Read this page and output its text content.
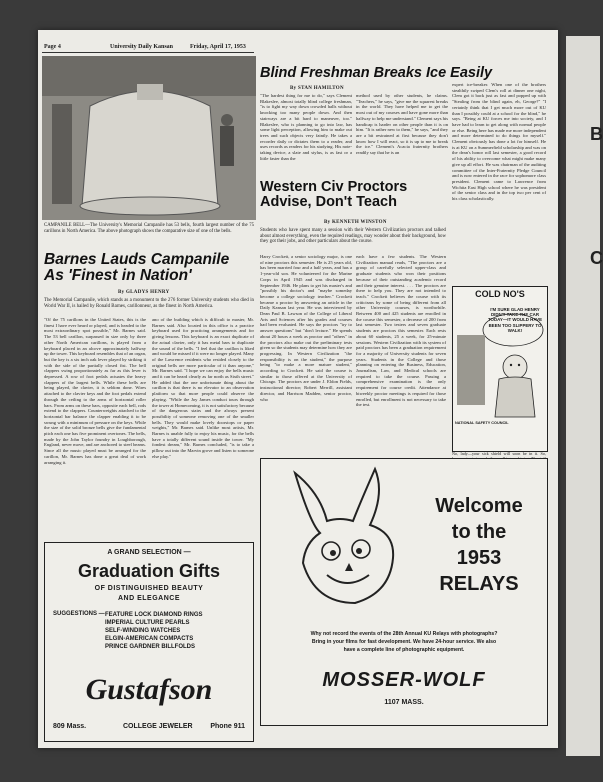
B
C
Page 4	University Daily Kansan	Friday, April 17, 1953
CAMPANILE BELL—The University's Memorial Campanile has 53 bells, fourth largest number of the 75 carillons in North America. The above photograph shows the comparative size of one of the bells.
Barnes Lauds Campanile
As 'Finest in Nation'
By GLADYS HENRY
The Memorial Campanile, which stands as a monument to the 276 former University students who died in World War II, is hailed by Ronald Barnes, carillonneur, as the finest in North America.
"Of the 75 carillons in the United States, this is the finest I have ever heard or played, and is headed to the most extraordinary spot possible," Mr. Barnes said. The 53 bell carillon, surpassed in size only by three other North American carillons, is played from a keyboard placed in an alcove approximately halfway up the tower. This keyboard resembles that of an organ, but the key is a six inch oak lever played by striking it with the side of the partially closed fist. The bell clappers swing proportionately as far as this lever is depressed. A row of foot pedals actuates the heavy clappers of the largest bells. While these bells are being played, the clavier, it is seldom done. Wires attached to the clavier keys and the foot pedals extend through the ceiling to the arms of horizontal roller bars. From arms on these bars, opposite each bell, rods extend to the clappers. Counterweights attached to the horizontal bar balance the clapper enabling it to be swung with a minimum of pressure on the keys. While the size of the solid bronze bells give the fundamental pitch each one has five prominent overtones. The bells, made by the John Taylor foundry in Loughborough, England, never move, and are anchored to steel beams. Since all the music played must be arranged for the carillon, Mr. Barnes has done a great deal of work arranging it.
ano of the building which is difficult to master, Mr. Barnes said. Also located in this office is a practice keyboard used for practicing arrangements and for giving lessons. This keyboard is an exact duplicate of the actual clavier, only it has metal bars to duplicate the sound of the bells. "I feel that the carillon is liked and would be missed if it were no longer played. Many of the Lawrence residents who resided closely to the original bells are more particular of it than anyone," Mr. Barnes said. "I hope we can enjoy the bells music and it can be heard clearly as far north as Sixth street." He added that the one unfortunate thing about the carillon is that there is no elevator to an observation platform so that more people could observe the playing. "While the Joy James conduct tours through the tower at Homecoming, it is not satisfactory because of the dangerous stairs and the always present possibility of someone removing one of the smaller bells. They would make lovely doorstops or paper weights," Mr. Barnes said. Unlike most artists, Mr. Barnes is unable fully to enjoy his music, for the bells have a totally different sound inside the tower. "My fondest dream," Mr. Barnes concluded, "is to take a pillow out into the Marvin grove and listen to someone else play."
Blind Freshman Breaks Ice Easily
By STAN HAMILTON
"The hardest thing for me to do," says Clement Blakeslee, almost totally blind college freshman, "is to fight my way down crowded halls without knocking too many people down. And then stairways are a bit hard to maneuver, too." Blakeslee, who is planning to go into law, has some light perception, allowing him to make out trees and such objects very faintly. He takes a recorder daily or dictates them to a reader, and uses records as readers for his studying. His note-taking device, a slate and stylus, is as fast or a little faster than the
method used by other students, he claims. "Teachers," he says, "give me the squarest breaks in the world. They have helped me to get the most out of my courses and have gone more than halfway to help me understand." Clement says his handicap is harder on other people than it is on him. "It is rather new to them," he says, "and they are a bit restrained at first because they don't know how I will react, so it is up to me to break the ice." Clement's Acacia fraternity brothers readily say that he is an
expert ice-breaker. When one of the brothers stealthily swiped Clem's roll at dinner one night, Clem got it back just as fast and popped up with "Stealing from the blind again, eh, George?" "I certainly think that I get much more out of KU than I possibly could at a school for the blind," he says. "Being at KU forces me into society, and I have had to learn to get along with normal people or else. Being here has made me more independent and more determined to do things for myself." Clement obviously has done a lot for himself. He is at KU on a Summerfield scholarship and was on the dean's honor roll last semester, a good record of his ability to overcome what might make many give up all effort. He was chairman of the auditing committee of the Inter-Fraternity Pledge Council and is now entered in the race for sophomore class president. Clement came to Lawrence from Wichita East High school where he was president of the senior class and in the top two per cent of his class scholastically.
Western Civ Proctors
Advise, Don't Teach
By KENNETH WINSTON
Students who have spent many a session with their Western Civilization proctors and talked about almost everything, even the required readings, may wonder about their background, how they got their jobs, and other particulars about the course.
Harry Crockett, a senior sociology major, is one of nine proctors this semester. He is 25 years old, has been married four and a half years, and has a 1-year-old son. He volunteered for the Marine Corps in April 1945 and was discharged in September 1946. He plans to get his master's and "possibly his doctor's and "maybe someday become a college sociology teacher." Crockett became a proctor by answering an article in the Daily Kansan last year. He was interviewed by Dean Paul B. Lawson of the College of Liberal Arts and Sciences after his grades and courses had been evaluated. He says the proctors "try to answer questions" but "don't lecture." He spends about 20 hours a week as proctor and "others" in the proctors also make out the preliminary tests given so the students may determine how they are progressing. In Western Civilization "the responsibility is on the student," the purpose being "to make a more mature student," according to Crockett. He said the course is similar to those offered at the University of Chicago. The proctors are under J. Eldon Fields, instructional director; Robert Merrill, assistant director, and Harrison Madden, senior proctor, who
each have a few students. The Western Civilization manual reads, "The proctors are a group of carefully selected upper-class and graduate students who won their positions because of their outstanding academic record and their genuine interest. . . . The proctors are there to help you. They are not intended to teach." Crockett believes the course with its criticisms by some of being different from all other University courses, is worthwhile. Between 400 and 425 students are enrolled in the course this semester, a decrease of 200 from last semester. Two testers and seven graduate students are proctors this semester. Each rests about 60 students, 25 a week, for 25-minute sessions. Western Civilization with its system of paid proctors has been a graduation requirement for a majority of University students for seven years. Students in the College and those planning on entering the Business, Education, Journalism, Law, and Medical schools are required to take the course. Passing a comprehensive examination is the only requirement for course credit. Attendance at biweekly proctor meetings is required for those enrolled, but enrollment is not necessary to take the test.
COLD NO'S
I'M SURE GLAD HENRY DIDN'T TAKE THE CAR TODAY—IT WOULD HAVE BEEN TOO SLIPPERY TO WALK!
NATIONAL SAFETY COUNCIL
No, lady—your sick shield will soon be in it. So,
A GRAND SELECTION —
Graduation Gifts
OF DISTINGUISHED BEAUTY
AND ELEGANCE
SUGGESTIONS — FEATURE LOCK DIAMOND RINGS
IMPERIAL CULTURE PEARLS
SELF-WINDING WATCHES
ELGIN-AMERICAN COMPACTS
PRINCE GARDNER BILLFOLDS
Gustafson
809 Mass.	COLLEGE JEWELER	Phone 911
Welcome
to the
1953
RELAYS
Why not record the events of the 28th Annual KU Relays with photographs?
Bring in your films for fast development. We have 24-hour service. We also
have a complete line of photographic equipment.
MOSSER-WOLF
1107 MASS.
